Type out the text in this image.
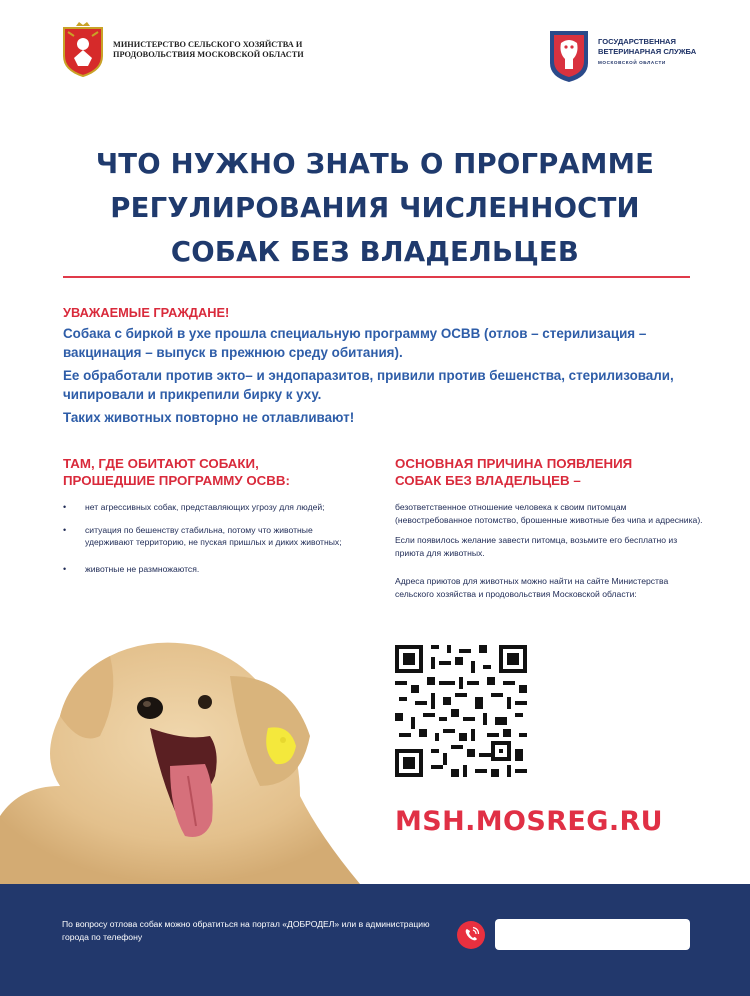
МИНИСТЕРСТВО СЕЛЬСКОГО ХОЗЯЙСТВА И ПРОДОВОЛЬСТВИЯ МОСКОВСКОЙ ОБЛАСТИ
ГОСУДАРСТВЕННАЯ ВЕТЕРИНАРНАЯ СЛУЖБА
МОСКОВСКОЙ ОБЛАСТИ
ЧТО НУЖНО ЗНАТЬ О ПРОГРАММЕ
РЕГУЛИРОВАНИЯ ЧИСЛЕННОСТИ
СОБАК БЕЗ ВЛАДЕЛЬЦЕВ
УВАЖАЕМЫЕ ГРАЖДАНЕ!

Собака с биркой в ухе прошла специальную программу ОСВВ (отлов – стерилизация – вакцинация – выпуск в прежнюю среду обитания).

Ее обработали против экто– и эндопаразитов, привили против бешенства, стерилизовали, чипировали и прикрепили бирку к уху.

Таких животных повторно не отлавливают!

ТАМ, ГДЕ ОБИТАЮТ СОБАКИ,
ПРОШЕДШИЕ ПРОГРАММУ ОСВВ:
• нет агрессивных собак, представляющих угрозу для людей;
• ситуация по бешенству стабильна, потому что животные удерживают территорию, не пуская пришлых и диких животных;
• животные не размножаются.
ОСНОВНАЯ ПРИЧИНА ПОЯВЛЕНИЯ
СОБАК БЕЗ ВЛАДЕЛЬЦЕВ –

безответственное отношение человека к своим питомцам (невостребованное потомство, брошенные животные без чипа и адресника).

Если появилось желание завести питомца, возьмите его бесплатно из приюта для животных.

Адреса приютов для животных можно найти на сайте Министерства сельского хозяйства и продовольствия Московской области:

MSH.MOSREG.RU
По вопросу отлова собак можно обратиться на портал «ДОБРОДЕЛ» или в администрацию города по телефону
